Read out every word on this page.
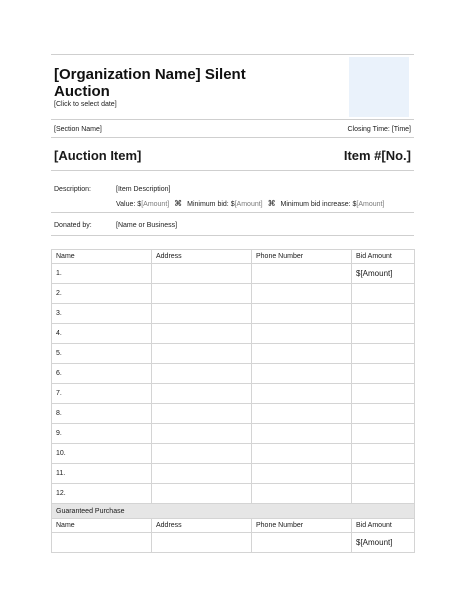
[Organization Name] Silent Auction
[Click to select date]
[Section Name]	Closing Time: [Time]
[Auction Item]	Item #[No.]
Description:	[Item Description]
Value: $[Amount] ⌘ Minimum bid: $[Amount] ⌘ Minimum bid increase: $[Amount]
Donated by:	[Name or Business]
Name	Address	Phone Number	Bid Amount
1.			$[Amount]
2.			
3.			
4.			
5.			
6.			
7.			
8.			
9.			
10.			
11.			
12.			
Guaranteed Purchase			
Name	Address	Phone Number	Bid Amount
			$[Amount]
